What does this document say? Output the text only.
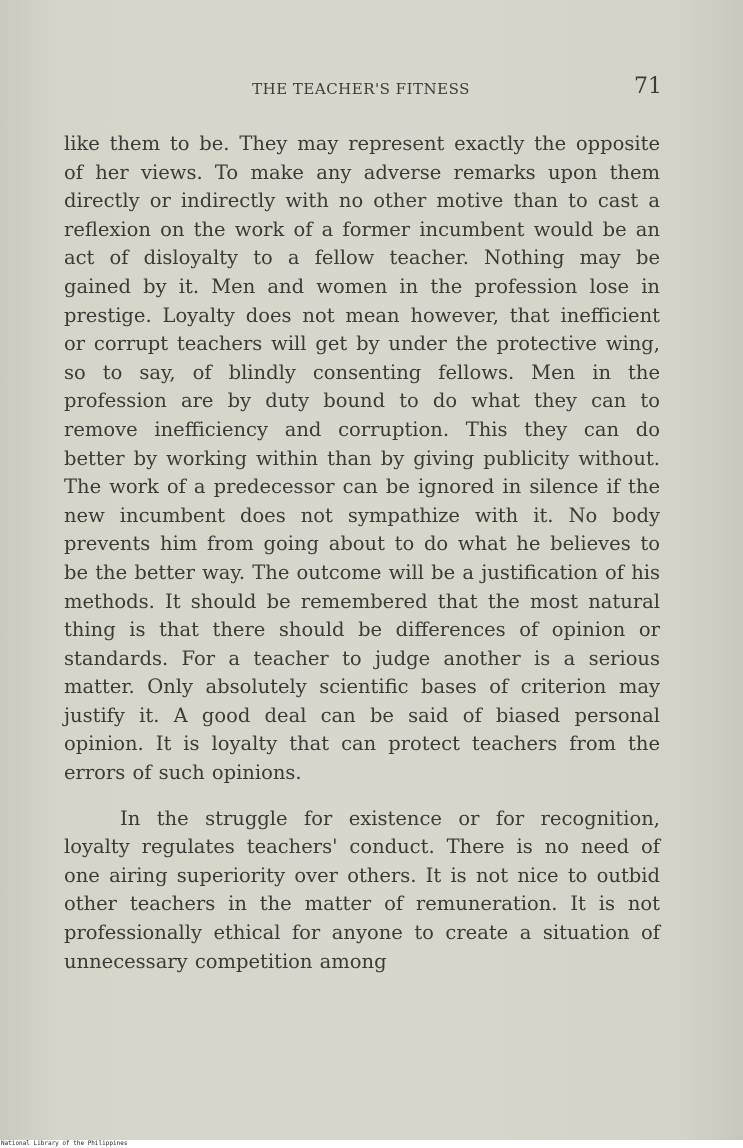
THE TEACHER'S FITNESS	71

like them to be. They may represent exactly the opposite of her views. To make any adverse remarks upon them directly or indirectly with no other motive than to cast a reflexion on the work of a former incumbent would be an act of disloyalty to a fellow teacher. Nothing may be gained by it. Men and women in the profession lose in prestige. Loyalty does not mean however, that inefficient or corrupt teachers will get by under the protective wing, so to say, of blindly consenting fellows. Men in the profession are by duty bound to do what they can to remove inefficiency and corruption. This they can do better by working within than by giving publicity without. The work of a predecessor can be ignored in silence if the new incumbent does not sympathize with it. No body prevents him from going about to do what he believes to be the better way. The outcome will be a justification of his methods. It should be remembered that the most natural thing is that there should be differences of opinion or standards. For a teacher to judge another is a serious matter. Only absolutely scientific bases of criterion may justify it. A good deal can be said of biased personal opinion. It is loyalty that can protect teachers from the errors of such opinions.

In the struggle for existence or for recognition, loyalty regulates teachers' conduct. There is no need of one airing superiority over others. It is not nice to outbid other teachers in the matter of remuneration. It is not professionally ethical for anyone to create a situation of unnecessary competition among

National Library of the Philippines
